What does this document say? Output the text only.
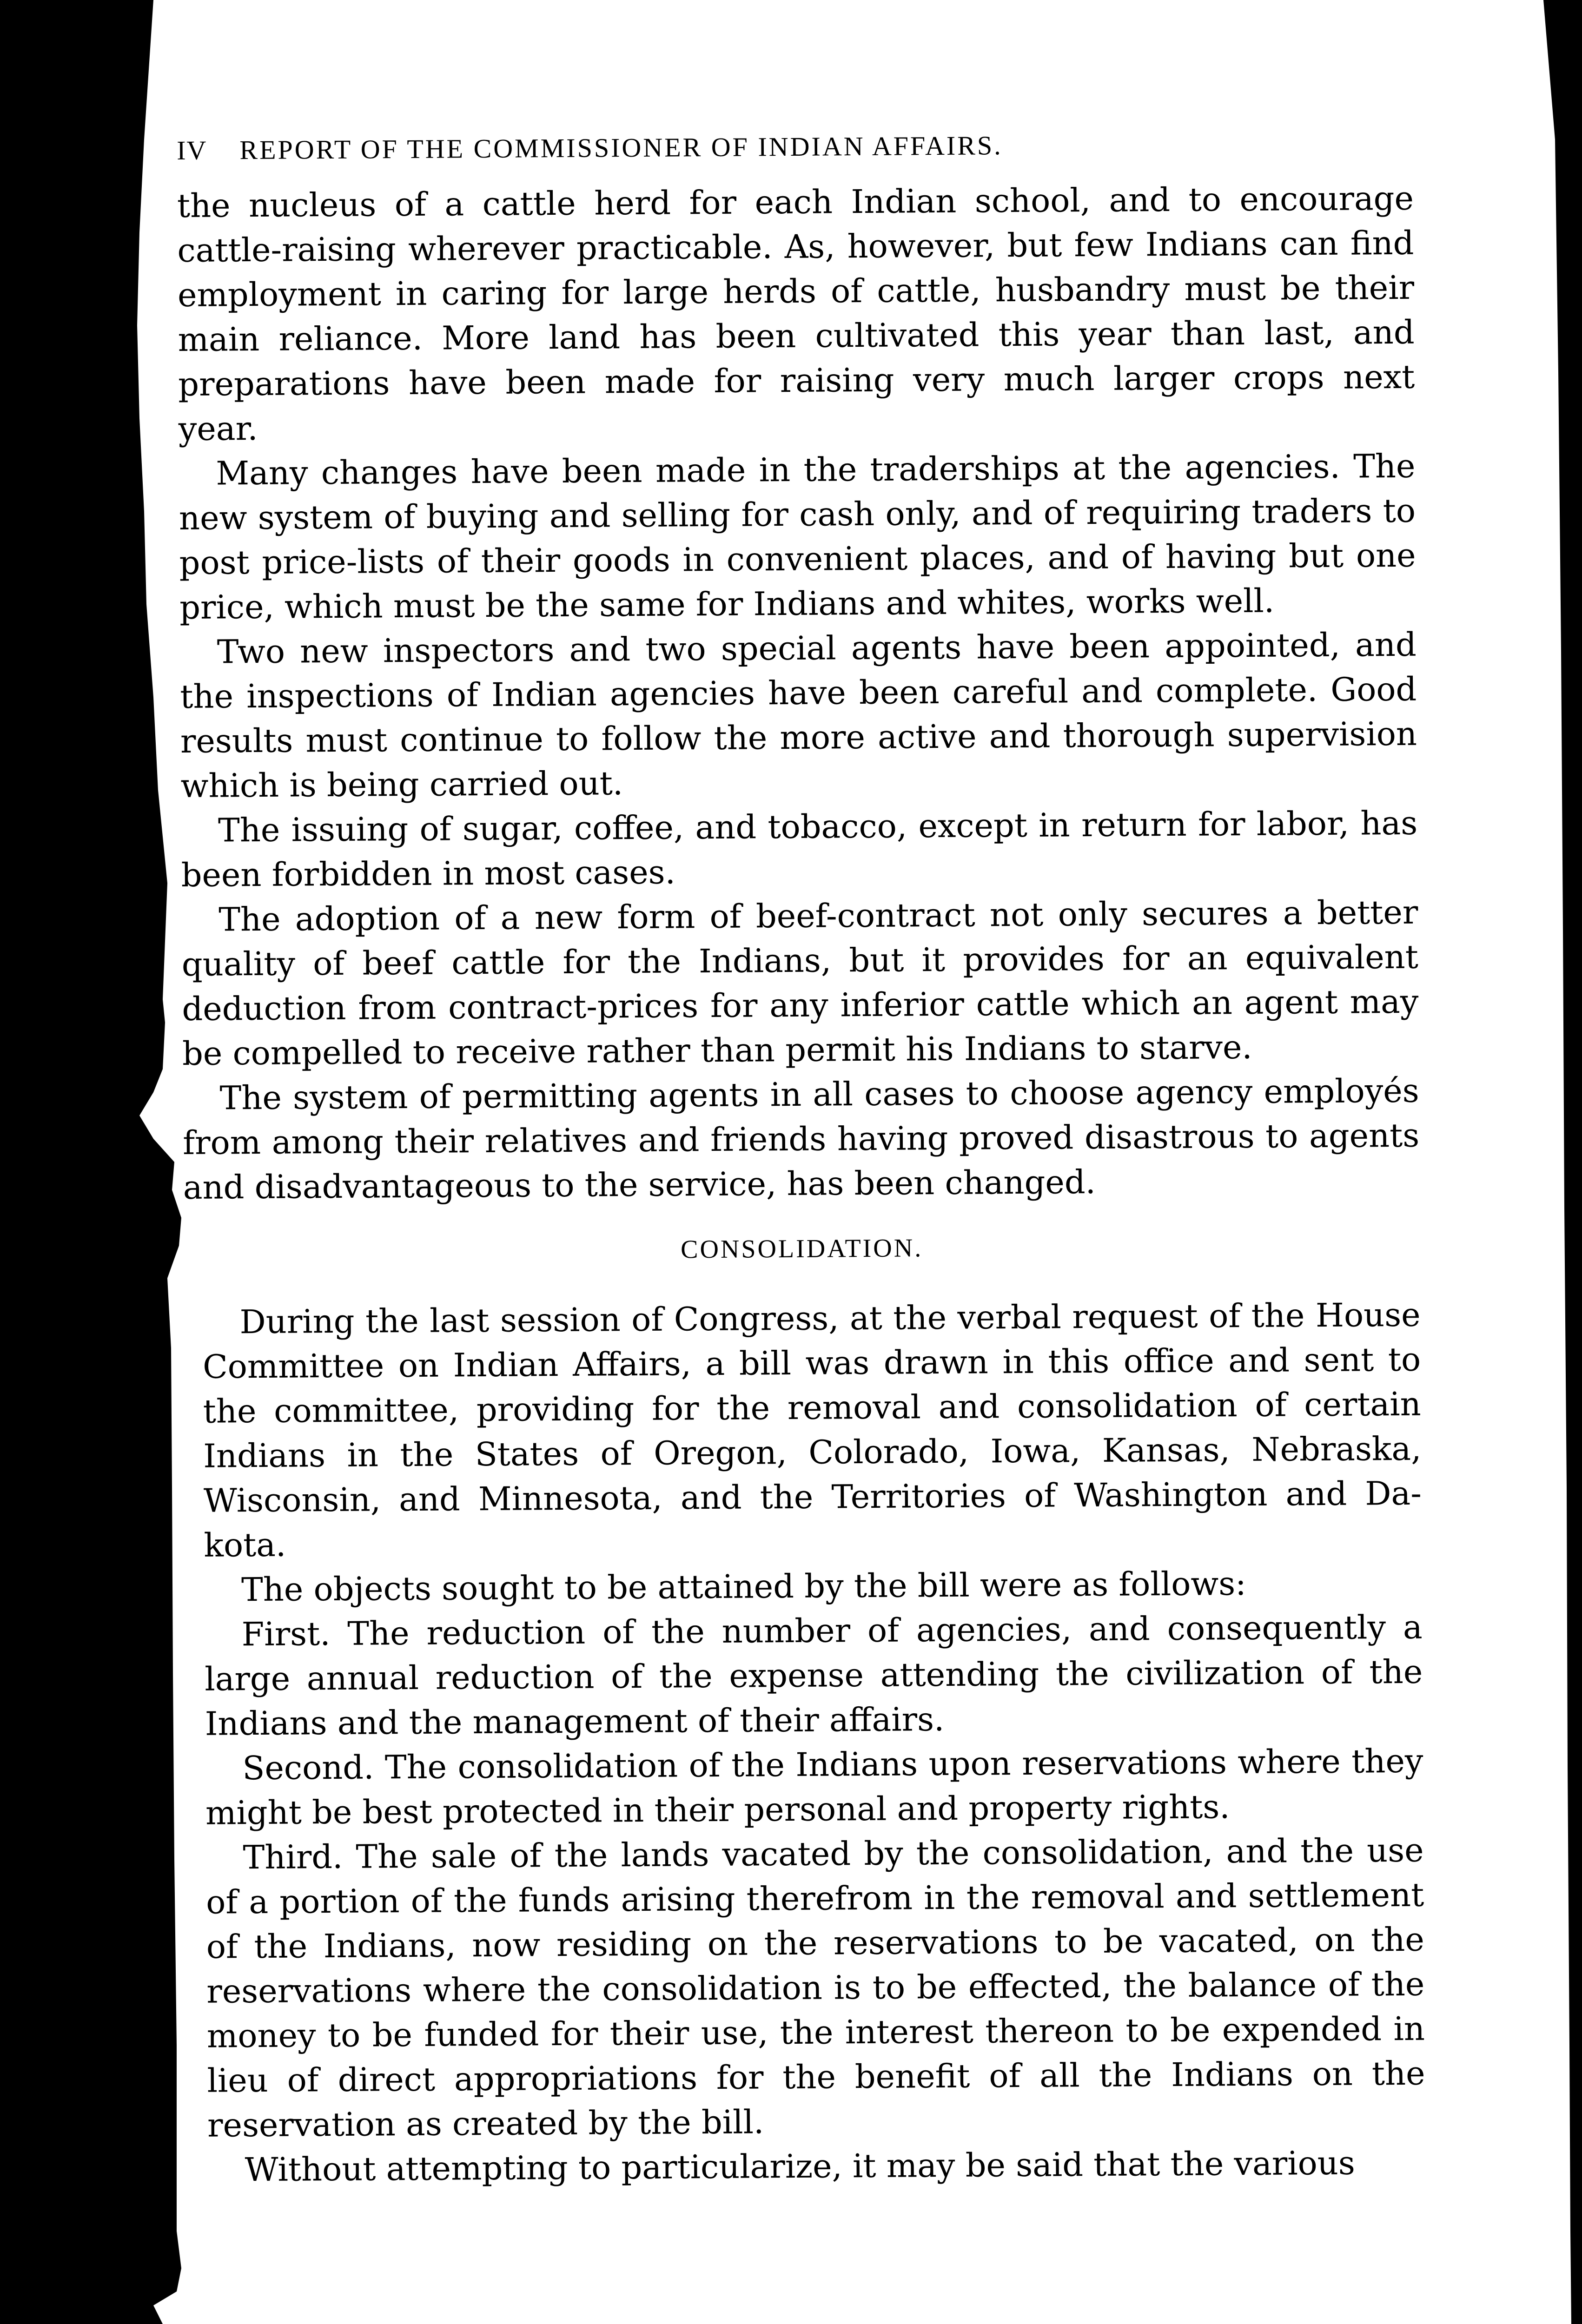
IV REPORT OF THE COMMISSIONER OF INDIAN AFFAIRS.

the nucleus of a cattle herd for each Indian school, and to encourage cattle-raising wherever practicable. As, however, but few Indians can find employment in caring for large herds of cattle, husbandry must be their main reliance. More land has been cultivated this year than last, and preparations have been made for raising very much larger crops next year.

Many changes have been made in the traderships at the agencies. The new system of buying and selling for cash only, and of requiring traders to post price-lists of their goods in convenient places, and of having but one price, which must be the same for Indians and whites, works well.

Two new inspectors and two special agents have been appointed, and the inspections of Indian agencies have been careful and complete. Good results must continue to follow the more active and thorough supervision which is being carried out.

The issuing of sugar, coffee, and tobacco, except in return for labor, has been forbidden in most cases.

The adoption of a new form of beef-contract not only secures a better quality of beef cattle for the Indians, but it provides for an equivalent deduction from contract-prices for any inferior cattle which an agent may be compelled to receive rather than permit his Indians to starve.

The system of permitting agents in all cases to choose agency employés from among their relatives and friends having proved disastrous to agents and disadvantageous to the service, has been changed.

CONSOLIDATION.

During the last session of Congress, at the verbal request of the House Committee on Indian Affairs, a bill was drawn in this office and sent to the committee, providing for the removal and consolidation of certain Indians in the States of Oregon, Colorado, Iowa, Kansas, Nebraska, Wisconsin, and Minnesota, and the Territories of Washington and Dakota.

The objects sought to be attained by the bill were as follows:

First. The reduction of the number of agencies, and consequently a large annual reduction of the expense attending the civilization of the Indians and the management of their affairs.

Second. The consolidation of the Indians upon reservations where they might be best protected in their personal and property rights.

Third. The sale of the lands vacated by the consolidation, and the use of a portion of the funds arising therefrom in the removal and settlement of the Indians, now residing on the reservations to be vacated, on the reservations where the consolidation is to be effected, the balance of the money to be funded for their use, the interest thereon to be expended in lieu of direct appropriations for the benefit of all the Indians on the reservation as created by the bill.

Without attempting to particularize, it may be said that the various
